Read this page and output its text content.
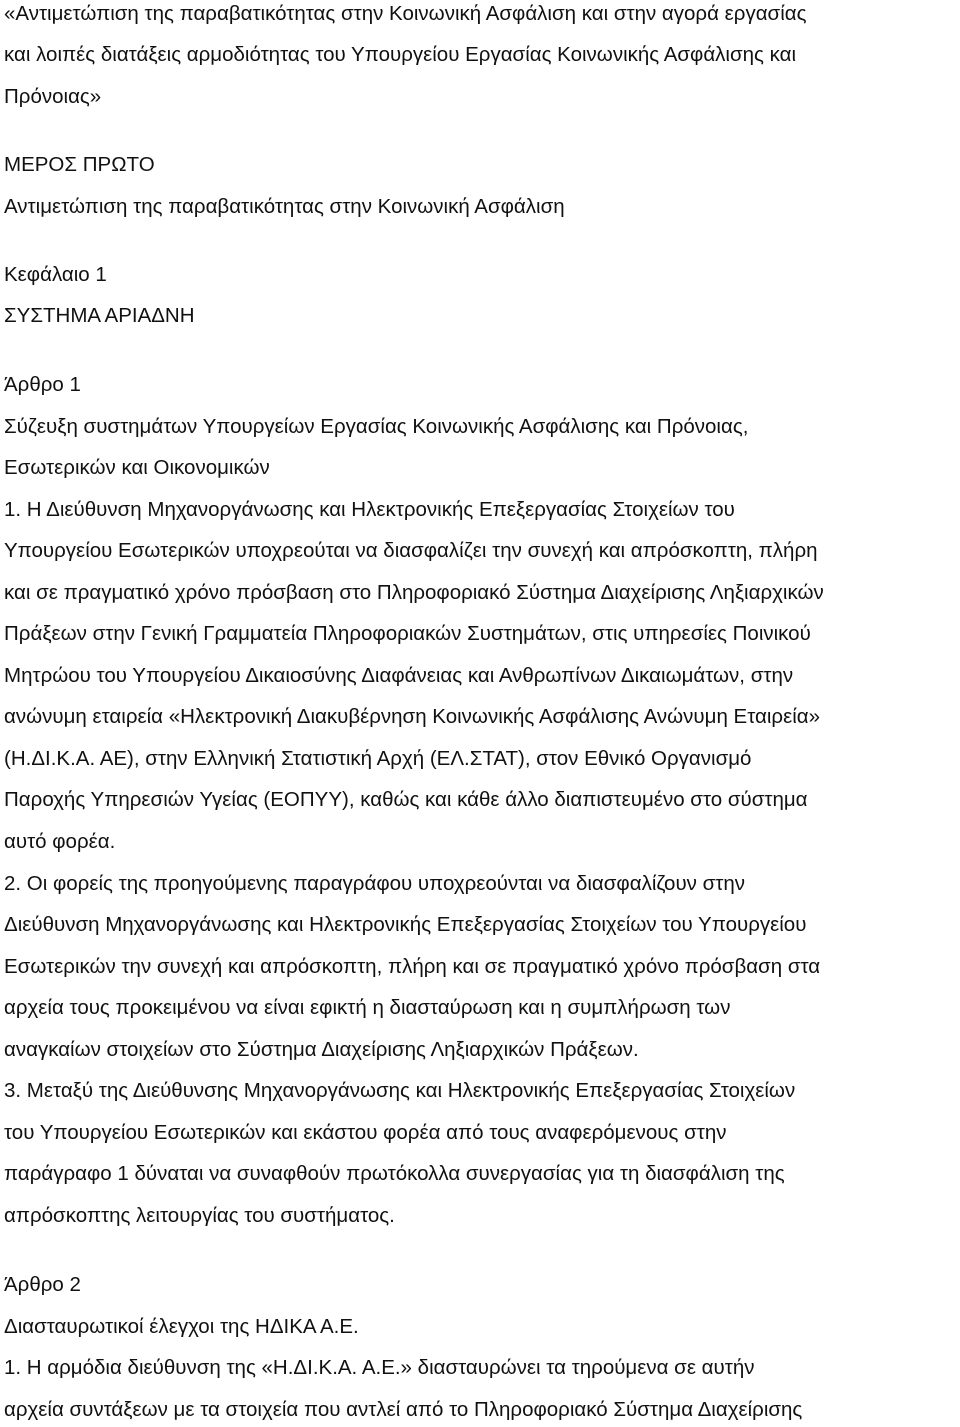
«Αντιμετώπιση της παραβατικότητας στην Κοινωνική Ασφάλιση και στην αγορά εργασίας

και λοιπές διατάξεις αρμοδιότητας του Υπουργείου Εργασίας Κοινωνικής Ασφάλισης και

Πρόνοιας»

ΜΕΡΟΣ ΠΡΩΤΟ

Αντιμετώπιση της παραβατικότητας στην Κοινωνική Ασφάλιση

Κεφάλαιο 1

ΣΥΣΤΗΜΑ ΑΡΙΑΔΝΗ

Άρθρο 1

Σύζευξη συστημάτων Υπουργείων Εργασίας Κοινωνικής Ασφάλισης και Πρόνοιας,

Εσωτερικών και Οικονομικών

1. Η Διεύθυνση Μηχανοργάνωσης και Ηλεκτρονικής Επεξεργασίας Στοιχείων του

Υπουργείου Εσωτερικών υποχρεούται να διασφαλίζει την συνεχή και απρόσκοπτη, πλήρη

και σε πραγματικό χρόνο πρόσβαση στο Πληροφοριακό Σύστημα Διαχείρισης Ληξιαρχικών

Πράξεων στην Γενική Γραμματεία Πληροφοριακών Συστημάτων, στις υπηρεσίες Ποινικού

Μητρώου του Υπουργείου Δικαιοσύνης Διαφάνειας και Ανθρωπίνων Δικαιωμάτων, στην

ανώνυμη εταιρεία «Ηλεκτρονική Διακυβέρνηση Κοινωνικής Ασφάλισης Ανώνυμη Εταιρεία»

(Η.ΔΙ.Κ.Α. ΑΕ), στην Ελληνική Στατιστική Αρχή (ΕΛ.ΣΤΑΤ), στον Εθνικό Οργανισμό

Παροχής Υπηρεσιών Υγείας (ΕΟΠΥΥ), καθώς και κάθε άλλο διαπιστευμένο στο σύστημα

αυτό φορέα.

2. Οι φορείς της προηγούμενης παραγράφου υποχρεούνται να διασφαλίζουν στην

Διεύθυνση Μηχανοργάνωσης και Ηλεκτρονικής Επεξεργασίας Στοιχείων του Υπουργείου

Εσωτερικών την συνεχή και απρόσκοπτη, πλήρη και σε πραγματικό χρόνο πρόσβαση στα

αρχεία τους προκειμένου να είναι εφικτή η διασταύρωση και η συμπλήρωση των

αναγκαίων στοιχείων στο Σύστημα Διαχείρισης Ληξιαρχικών Πράξεων.

3. Μεταξύ της Διεύθυνσης Μηχανοργάνωσης και Ηλεκτρονικής Επεξεργασίας Στοιχείων

του Υπουργείου Εσωτερικών και εκάστου φορέα από τους αναφερόμενους στην

παράγραφο 1 δύναται να συναφθούν πρωτόκολλα συνεργασίας για τη διασφάλιση της

απρόσκοπτης λειτουργίας του συστήματος.

Άρθρο 2

Διασταυρωτικοί έλεγχοι της ΗΔΙΚΑ Α.Ε.

1. Η αρμόδια διεύθυνση της «Η.ΔΙ.Κ.Α. Α.Ε.» διασταυρώνει τα τηρούμενα σε αυτήν

αρχεία συντάξεων με τα στοιχεία που αντλεί από το Πληροφοριακό Σύστημα Διαχείρισης
